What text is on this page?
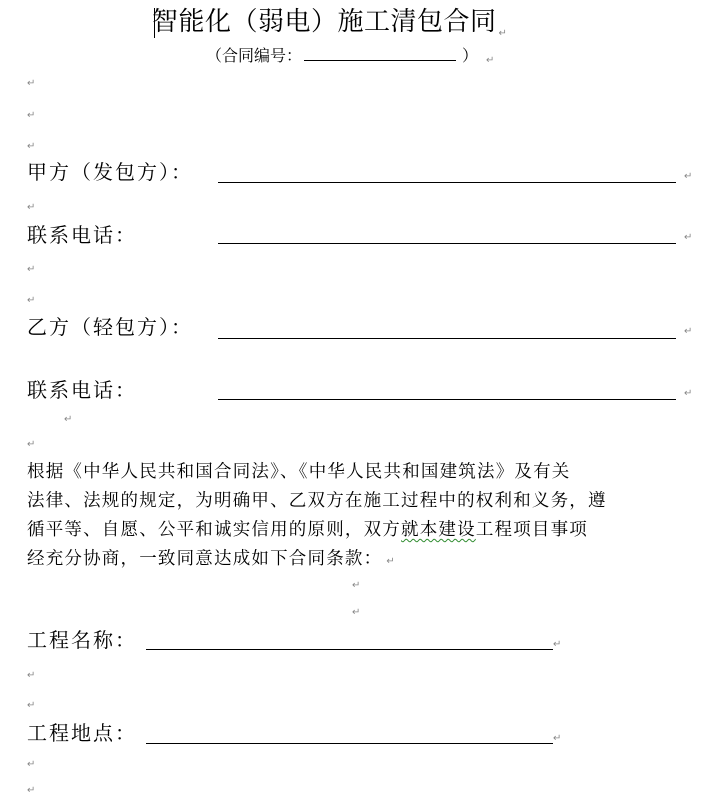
智能化（弱电）施工清包合同 $_↵$
（合同编号：	） ↵
↵
↵
↵
甲方（发包方）：	↵
↵
联系电话：	↵
↵
↵
乙方（轻包方）：	↵
联系电话：	↵
↵
↵

根据《中华人民共和国合同法》、《中华人民共和国建筑法》及有关

法律、法规的规定，为明确甲、乙双方在施工过程中的权利和义务，遵

循平等、自愿、公平和诚实信用的原则，双方就本建设工程项目事项

经充分协商，一致同意达成如下合同条款： ↵

↵
↵
工程名称：	↵
↵
↵
工程地点：	↵
↵
↵
